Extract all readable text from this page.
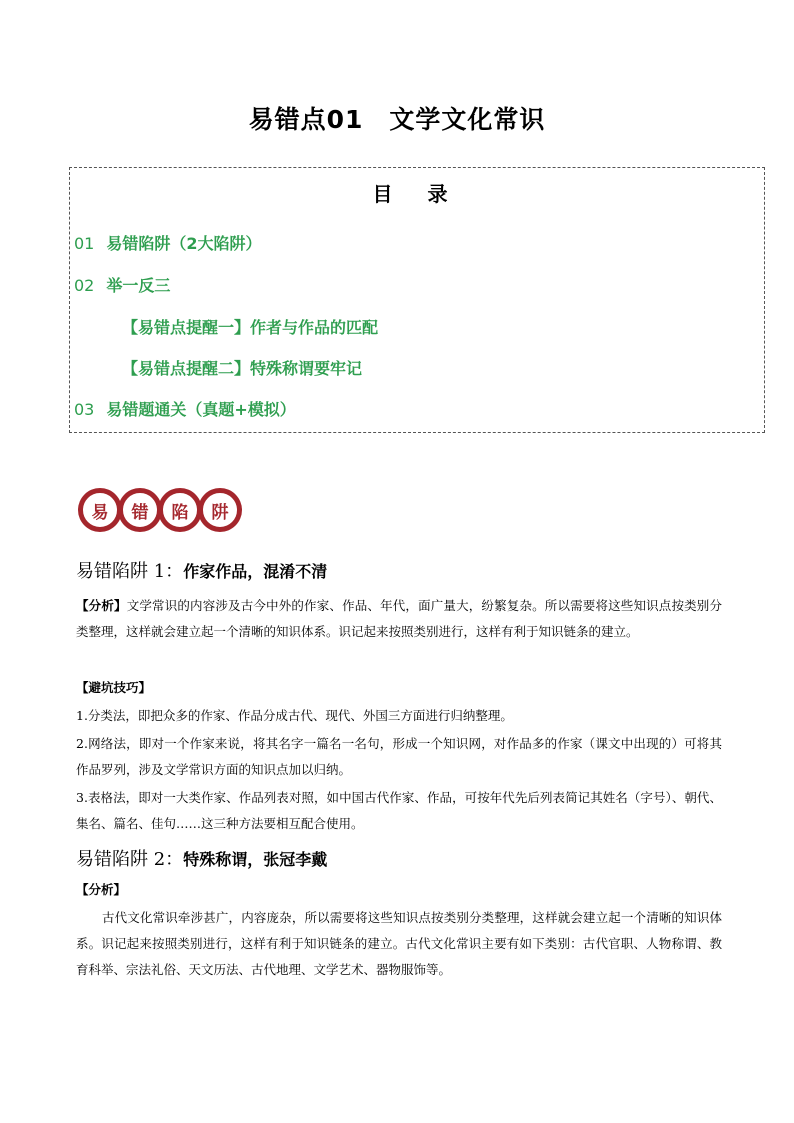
易错点01　文学文化常识
目 录
01 易错陷阱（2大陷阱）
02 举一反三
【易错点提醒一】作者与作品的匹配
【易错点提醒二】特殊称谓要牢记
03 易错题通关（真题+模拟）
易	错	陷	阱
易错陷阱 1：作家作品，混淆不清
【分析】文学常识的内容涉及古今中外的作家、作品、年代，面广量大，纷繁复杂。所以需要将这些知识点按类别分类整理，这样就会建立起一个清晰的知识体系。识记起来按照类别进行，这样有利于知识链条的建立。
【避坑技巧】
1.分类法，即把众多的作家、作品分成古代、现代、外国三方面进行归纳整理。
2.网络法，即对一个作家来说，将其名字一篇名一名句，形成一个知识网，对作品多的作家（课文中出现的）可将其作品罗列，涉及文学常识方面的知识点加以归纳。
3.表格法，即对一大类作家、作品列表对照，如中国古代作家、作品，可按年代先后列表简记其姓名（字号）、朝代、集名、篇名、佳句……这三种方法要相互配合使用。
易错陷阱 2：特殊称谓，张冠李戴
【分析】
古代文化常识牵涉甚广，内容庞杂，所以需要将这些知识点按类别分类整理，这样就会建立起一个清晰的知识体系。识记起来按照类别进行，这样有利于知识链条的建立。古代文化常识主要有如下类别：古代官职、人物称谓、教育科举、宗法礼俗、天文历法、古代地理、文学艺术、器物服饰等。
